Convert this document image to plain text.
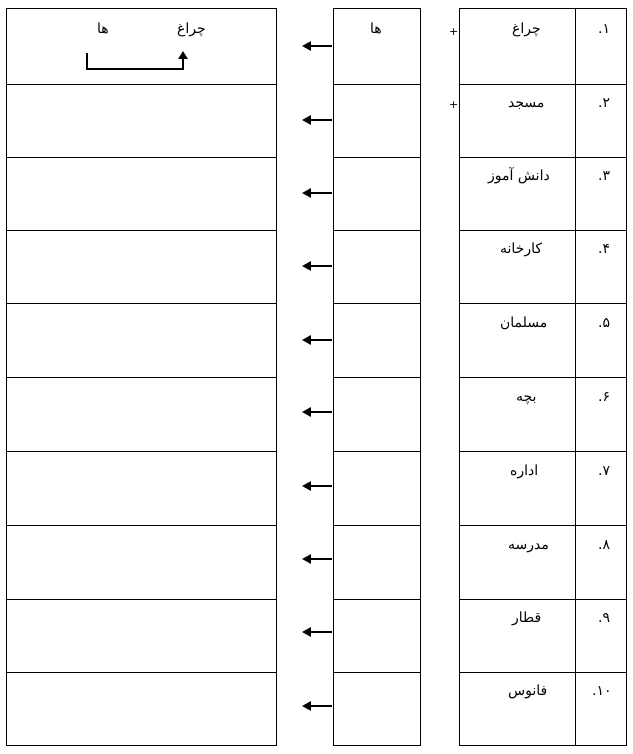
چراغ
ها	ها	+
+
چراغ
مسجد
دانش آموز
کارخانه
مسلمان
بچه
اداره
مدرسه
قطار
فانوس
.۱
.۲
.۳
.۴
.۵
.۶
.۷
.۸
.۹
.۱۰
